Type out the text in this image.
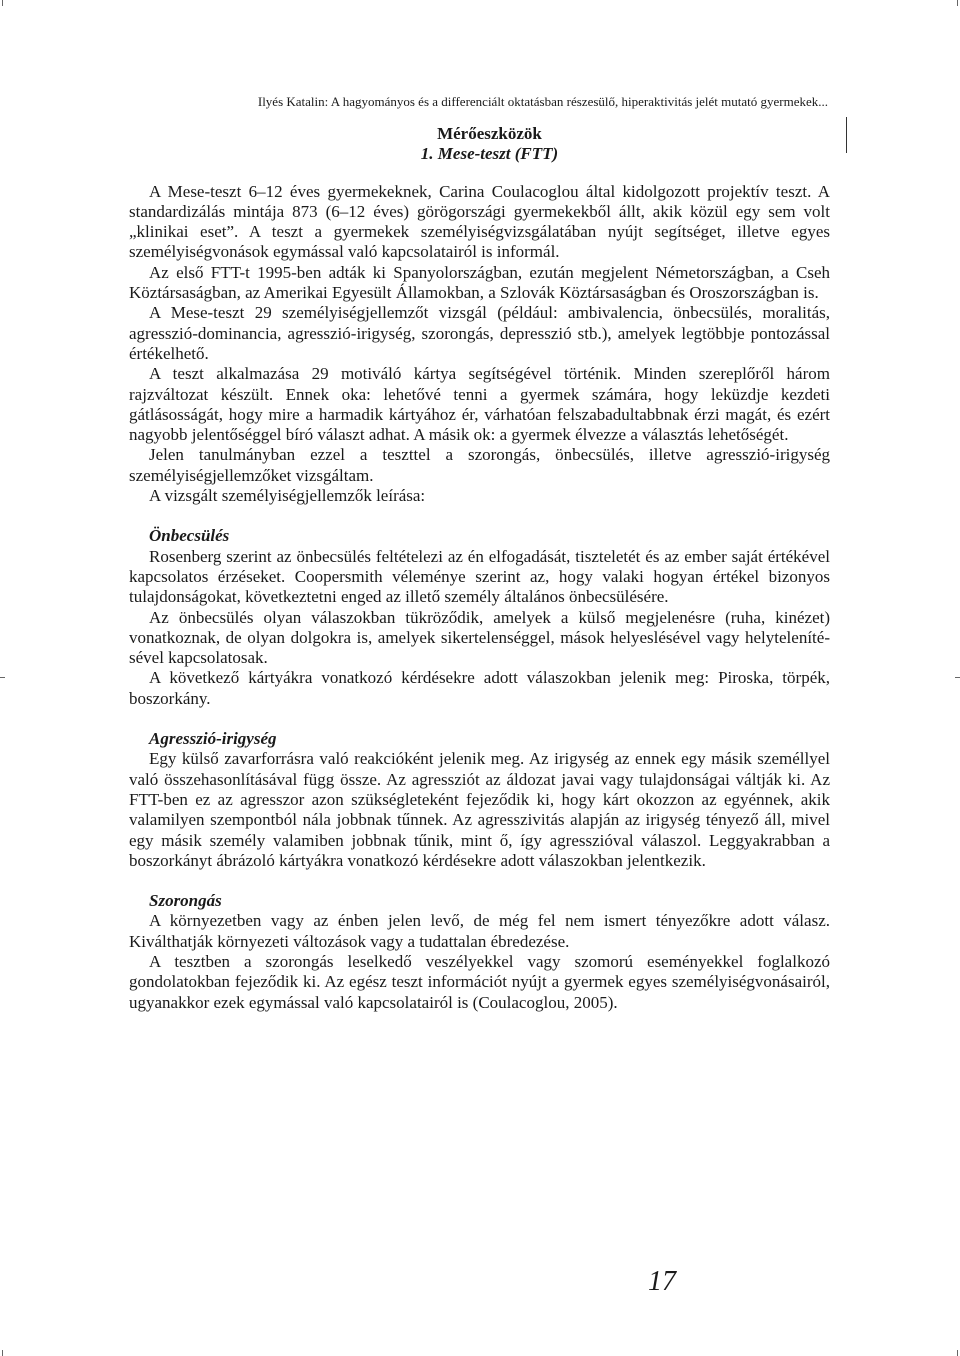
Ilyés Katalin: A hagyományos és a differenciált oktatásban részesülő, hiperaktivitás jelét mutató gyermekek...
Mérőeszközök
1. Mese-teszt (FTT)

A Mese-teszt 6–12 éves gyermekeknek, Carina Coulacoglou által kidolgozott projektív teszt. A standardizálás mintája 873 (6–12 éves) görögországi gyermekekből állt, akik közül egy sem volt „klinikai eset”. A teszt a gyermekek személyiségvizsgálatában nyújt segítséget, illetve egyes személyiségvonások egymással való kapcsolatairól is informál.

Az első FTT-t 1995-ben adták ki Spanyolországban, ezután megjelent Németországban, a Cseh Köztársaságban, az Amerikai Egyesült Államokban, a Szlovák Köztársaságban és Oroszországban is.

A Mese-teszt 29 személyiségjellemzőt vizsgál (például: ambivalencia, önbecsülés, moralitás, agresszió-dominancia, agresszió-irigység, szorongás, depresszió stb.), amelyek legtöbbje pontozással értékelhető.

A teszt alkalmazása 29 motiváló kártya segítségével történik. Minden szereplőről három rajzváltozat készült. Ennek oka: lehetővé tenni a gyermek számára, hogy leküzdje kezdeti gátlásosságát, hogy mire a harmadik kártyához ér, várhatóan felszabadultabbnak érzi magát, és ezért nagyobb jelentőséggel bíró választ adhat. A másik ok: a gyermek élvezze a választás lehetőségét.

Jelen tanulmányban ezzel a teszttel a szorongás, önbecsülés, illetve agresszió-irigység személyiségjellemzőket vizsgáltam.

A vizsgált személyiségjellemzők leírása:

Önbecsülés

Rosenberg szerint az önbecsülés feltételezi az én elfogadását, tiszteletét és az ember saját értékével kapcsolatos érzéseket. Coopersmith véleménye szerint az, hogy valaki hogyan értékel bizonyos tulajdonságokat, következtetni enged az illető személy általános önbecsülésére.

Az önbecsülés olyan válaszokban tükröződik, amelyek a külső megjelenésre (ruha, kinézet) vonatkoznak, de olyan dolgokra is, amelyek sikertelenséggel, mások helyeslésével vagy helytelenítésével kapcsolatosak.

A következő kártyákra vonatkozó kérdésekre adott válaszokban jelenik meg: Piroska, törpék, boszorkány.

Agresszió-irigység

Egy külső zavarforrásra való reakcióként jelenik meg. Az irigység az ennek egy másik személlyel való összehasonlításával függ össze. Az agressziót az áldozat javai vagy tulajdonságai váltják ki. Az FTT-ben ez az agresszor azon szükségleteként fejeződik ki, hogy kárt okozzon az egyénnek, akik valamilyen szempontból nála jobbnak tűnnek. Az agresszivitás alapján az irigység tényező áll, mivel egy másik személy valamiben jobbnak tűnik, mint ő, így agresszióval válaszol. Leggyakrabban a boszorkányt ábrázoló kártyákra vonatkozó kérdésekre adott válaszokban jelentkezik.

Szorongás

A környezetben vagy az énben jelen levő, de még fel nem ismert tényezőkre adott válasz. Kiválthatják környezeti változások vagy a tudattalan ébredezése.

A tesztben a szorongás leselkedő veszélyekkel vagy szomorú eseményekkel foglalkozó gondolatokban fejeződik ki. Az egész teszt információt nyújt a gyermek egyes személyiségvonásairól, ugyanakkor ezek egymással való kapcsolatairól is (Coulacoglou, 2005).

17
